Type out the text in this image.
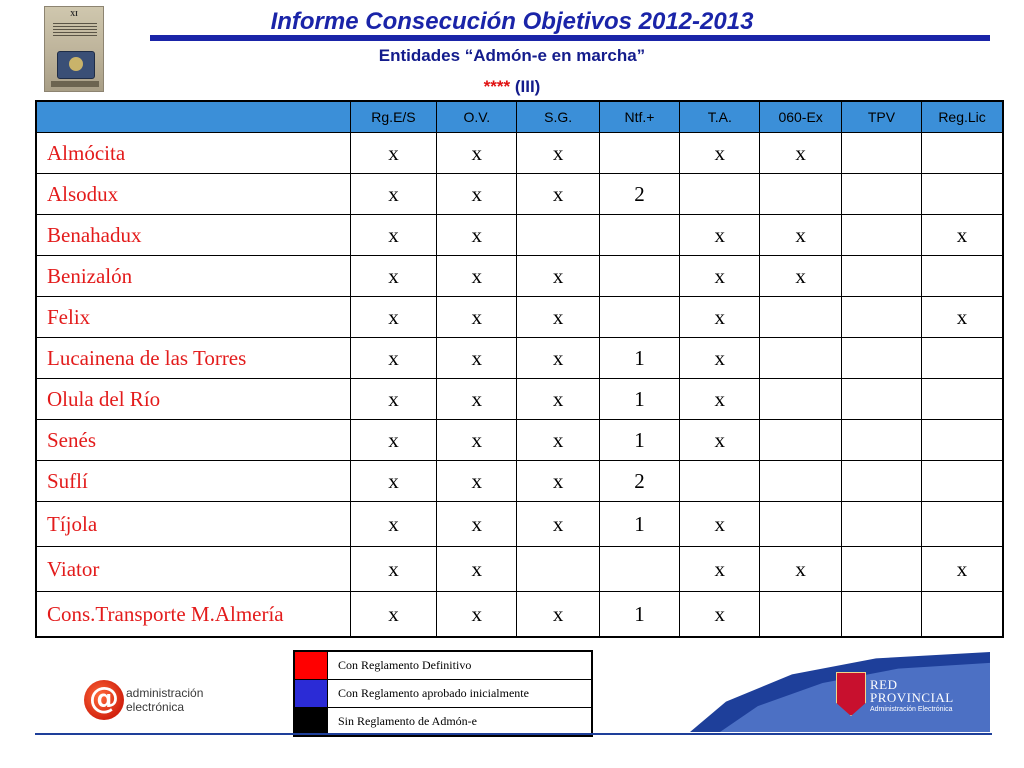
XI	Informe Consecución Objetivos 2012-2013
Entidades “Admón-e en marcha”
**** (III)
	Rg.E/S	O.V.	S.G.	Ntf.+	T.A.	060-Ex	TPV	Reg.Lic
Almócita	x	x	x		x	x		
Alsodux	x	x	x	2				
Benahadux	x	x			x	x		x
Benizalón	x	x	x		x	x		
Felix	x	x	x		x			x
Lucainena de las Torres	x	x	x	1	x			
Olula del Río	x	x	x	1	x			
Senés	x	x	x	1	x			
Suflí	x	x	x	2				
Tíjola	x	x	x	1	x			
Viator	x	x			x	x		x
Cons.Transporte M.Almería	x	x	x	1	x			
	Con Reglamento Definitivo
	Con Reglamento aprobado inicialmente
	Sin Reglamento de Admón-e
@ administración
electrónica
RED
PROVINCIAL
Administración Electrónica
